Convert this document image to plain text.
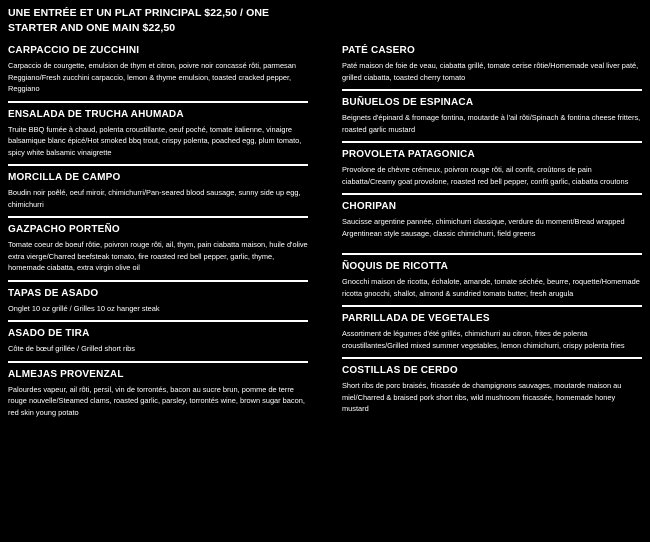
UNE ENTRÉE ET UN PLAT PRINCIPAL $22,50 / ONE STARTER AND ONE MAIN $22,50
CARPACCIO DE ZUCCHINI
Carpaccio de courgette, emulsion de thym et citron, poivre noir concassé rôti, parmesan Reggiano/Fresh zucchini carpaccio, lemon & thyme emulsion, toasted cracked pepper, Reggiano
ENSALADA DE TRUCHA AHUMADA
Truite BBQ fumée à chaud, polenta croustillante, oeuf poché, tomate italienne, vinaigre balsamique blanc épicé/Hot smoked bbq trout, crispy polenta, poached egg, plum tomato, spicy white balsamic vinaigrette
MORCILLA DE CAMPO
Boudin noir poêlé, oeuf miroir, chimichurri/Pan-seared blood sausage, sunny side up egg, chimichurri
GAZPACHO PORTEÑO
Tomate coeur de boeuf rôtie, poivron rouge rôti, ail, thym, pain ciabatta maison, huile d'olive extra vierge/Charred beefsteak tomato, fire roasted red bell pepper, garlic, thyme, homemade ciabatta, extra virgin olive oil
TAPAS DE ASADO
Onglet 10 oz grillé / Grilles 10 oz hanger steak
ASADO DE TIRA
Côte de bœuf grillée / Grilled short ribs
ALMEJAS PROVENZAL
Palourdes vapeur, ail rôti, persil, vin de torrontés, bacon au sucre brun, pomme de terre rouge nouvelle/Steamed clams, roasted garlic, parsley, torrontés wine, brown sugar bacon, red skin young potato
PATÉ CASERO
Paté maison de foie de veau, ciabatta grillé, tomate cerise rôtie/Homemade veal liver paté, grilled ciabatta, toasted cherry tomato
BUÑUELOS DE ESPINACA
Beignets d'épinard & fromage fontina, moutarde à l'ail rôti/Spinach & fontina cheese fritters, roasted garlic mustard
PROVOLETA PATAGONICA
Provolone de chèvre crémeux, poivron rouge rôti, ail confit, croûtons de pain ciabatta/Creamy goat provolone, roasted red bell pepper, confit garlic, ciabatta croutons
CHORIPAN
Saucisse argentine pannée, chimichurri classique, verdure du moment/Bread wrapped Argentinean style sausage, classic chimichurri, field greens
ÑOQUIS DE RICOTTA
Gnocchi maison de ricotta, échalote, amande, tomate séchée, beurre, roquette/Homemade ricotta gnocchi, shallot, almond & sundried tomato butter, fresh arugula
PARRILLADA DE VEGETALES
Assortiment de légumes d'été grillés, chimichurri au citron, frites de polenta croustillantes/Grilled mixed summer vegetables, lemon chimichurri, crispy polenta fries
COSTILLAS DE CERDO
Short ribs de porc braisés, fricassée de champignons sauvages, moutarde maison au miel/Charred & braised pork short ribs, wild mushroom fricassée, homemade honey mustard
